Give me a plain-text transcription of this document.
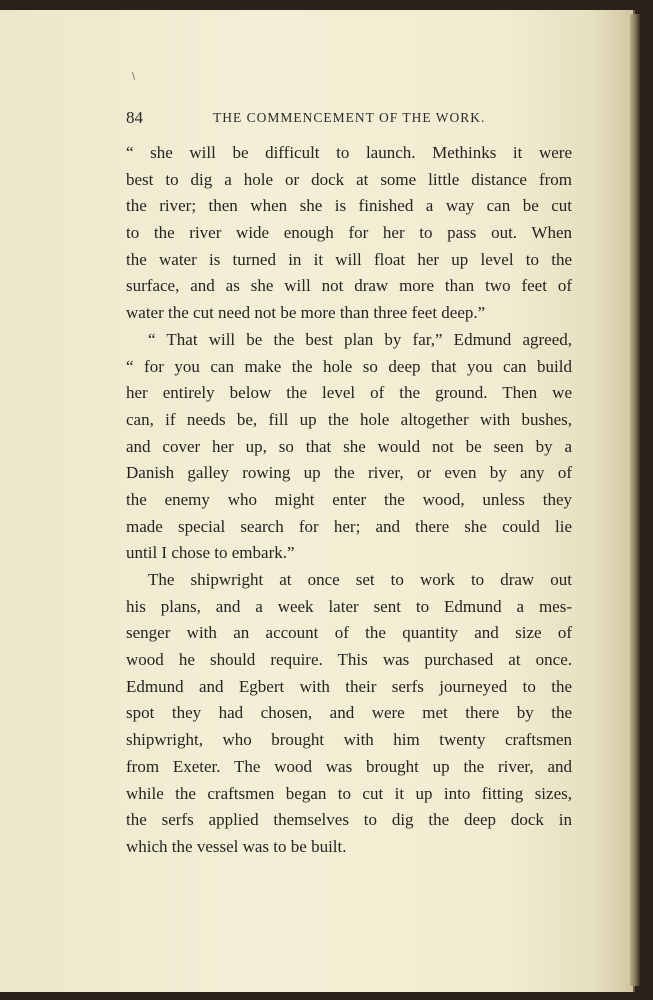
\
84	THE COMMENCEMENT OF THE WORK.
“ she will be difficult to launch. Methinks it were
best to dig a hole or dock at some little distance from
the river; then when she is finished a way can be cut
to the river wide enough for her to pass out. When
the water is turned in it will float her up level to the
surface, and as she will not draw more than two feet of
water the cut need not be more than three feet deep.”
“ That will be the best plan by far,” Edmund agreed,
“ for you can make the hole so deep that you can build
her entirely below the level of the ground. Then we
can, if needs be, fill up the hole altogether with bushes,
and cover her up, so that she would not be seen by a
Danish galley rowing up the river, or even by any of
the enemy who might enter the wood, unless they
made special search for her; and there she could lie
until I chose to embark.”
The shipwright at once set to work to draw out
his plans, and a week later sent to Edmund a mes-
senger with an account of the quantity and size of
wood he should require. This was purchased at once.
Edmund and Egbert with their serfs journeyed to the
spot they had chosen, and were met there by the
shipwright, who brought with him twenty craftsmen
from Exeter. The wood was brought up the river, and
while the craftsmen began to cut it up into fitting sizes,
the serfs applied themselves to dig the deep dock in
which the vessel was to be built.
